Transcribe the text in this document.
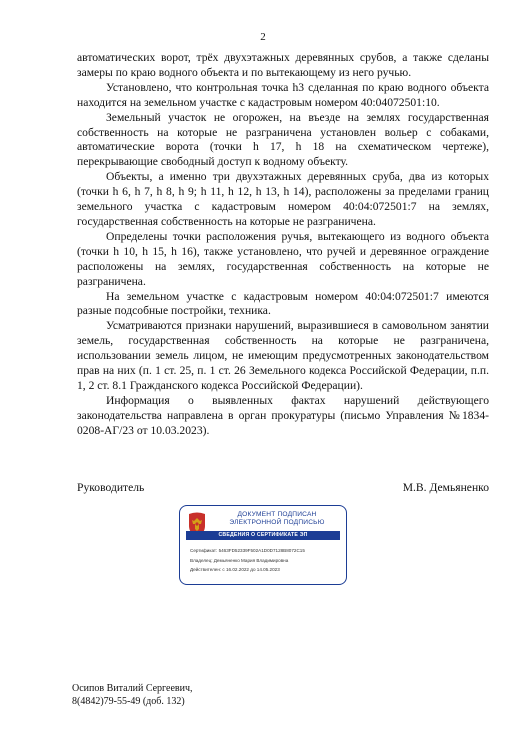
2

автоматических ворот, трёх двухэтажных деревянных срубов, а также сделаны замеры по краю водного объекта и по вытекающему из него ручью.

Установлено, что контрольная точка h3 сделанная по краю водного объекта находится на земельном участке с кадастровым номером 40:04072501:10.

Земельный участок не огорожен, на въезде на землях государственная собственность на которые не разграничена установлен вольер с собаками, автоматические ворота (точки h 17, h 18 на схематическом чертеже), перекрывающие свободный доступ к водному объекту.

Объекты, а именно три двухэтажных деревянных сруба, два из которых (точки h 6, h 7, h 8, h 9; h 11, h 12, h 13, h 14), расположены за пределами границ земельного участка с кадастровым номером 40:04:072501:7 на землях, государственная собственность на которые не разграничена.

Определены точки расположения ручья, вытекающего из водного объекта (точки h 10, h 15, h 16), также установлено, что ручей и деревянное ограждение расположены на землях, государственная собственность на которые не разграничена.

На земельном участке с кадастровым номером 40:04:072501:7 имеются разные подсобные постройки, техника.

Усматриваются признаки нарушений, выразившиеся в самовольном занятии земель, государственная собственность на которые не разграничена, использовании земель лицом, не имеющим предусмотренных законодательством прав на них (п. 1 ст. 25, п. 1 ст. 26 Земельного кодекса Российской Федерации, п.п. 1, 2 ст. 8.1 Гражданского кодекса Российской Федерации).

Информация о выявленных фактах нарушений действующего законодательства направлена в орган прокуратуры (письмо Управления №1834-0208-АГ/23 от 10.03.2023).

Руководитель	М.В. Демьяненко
ДОКУМЕНТ ПОДПИСАН
ЭЛЕКТРОННОЙ ПОДПИСЬЮ
СВЕДЕНИЯ О СЕРТИФИКАТЕ ЭП
Сертификат: 5463FD52339F502A1D0D7128B8072C15
Владелец: Демьяненко Мария Владимировна
Действителен: с 16.02.2022 до 14.05.2023
Осипов Виталий Сергеевич,
8(4842)79-55-49 (доб. 132)
